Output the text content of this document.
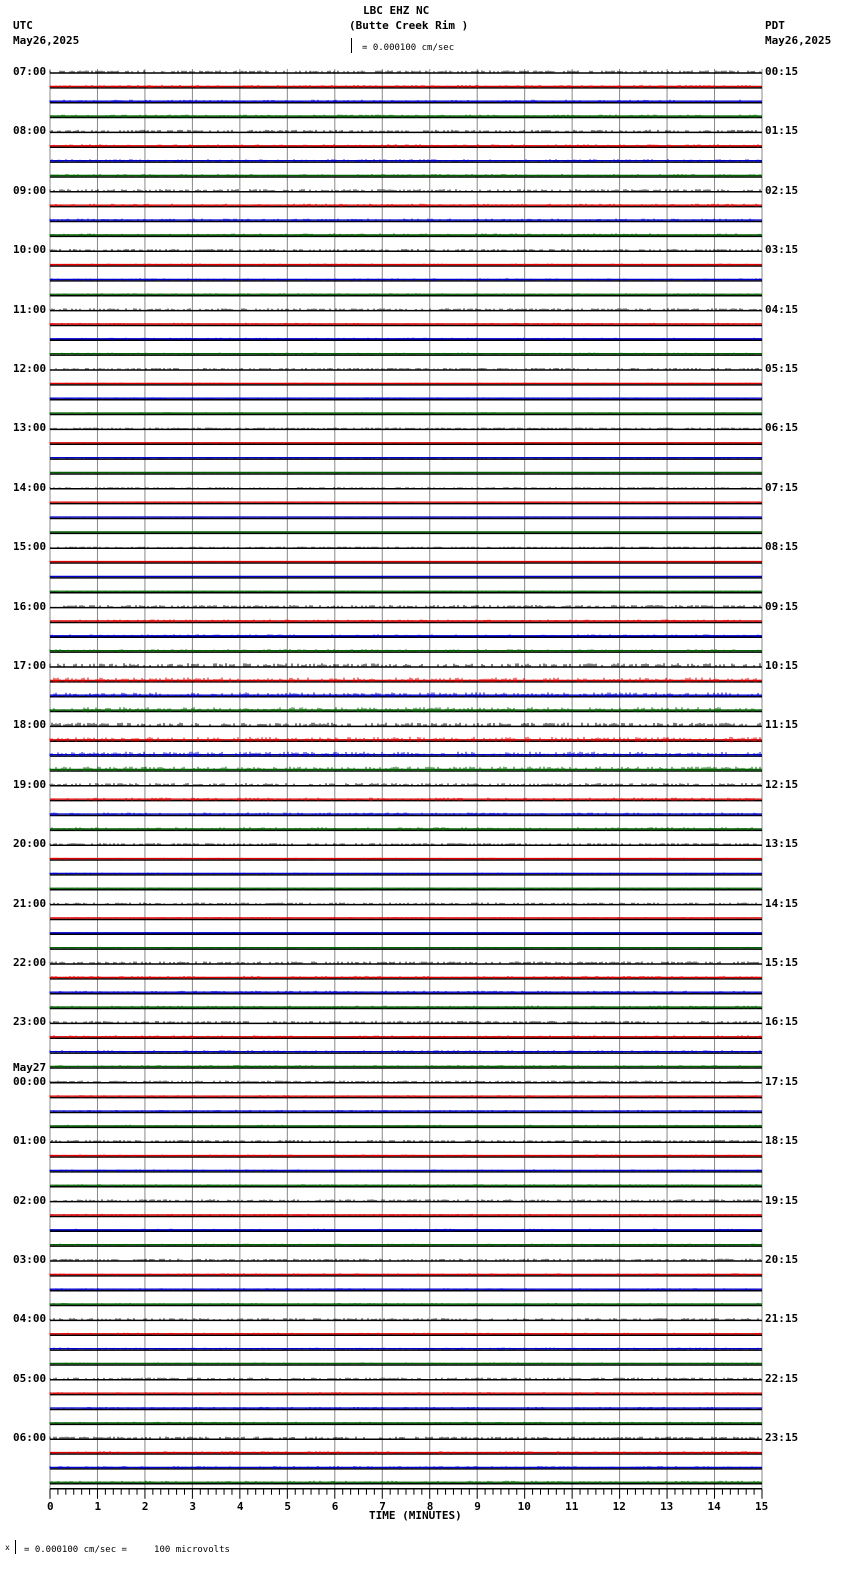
LBC EHZ NC
(Butte Creek Rim )
UTC
May26,2025
PDT
May26,2025
= 0.000100 cm/sec
x = 0.000100 cm/sec =     100 microvolts
TIME (MINUTES)
May27
0	1	2	3	4	5	6	7	8	9	10	11	12	13	14	15
07:00
08:00
09:00
10:00
11:00
12:00
13:00
14:00
15:00
16:00
17:00
18:00
19:00
20:00
21:00
22:00
23:00
00:00
01:00
02:00
03:00
04:00
05:00
06:00
00:15
01:15
02:15
03:15
04:15
05:15
06:15
07:15
08:15
09:15
10:15
11:15
12:15
13:15
14:15
15:15
16:15
17:15
18:15
19:15
20:15
21:15
22:15
23:15
